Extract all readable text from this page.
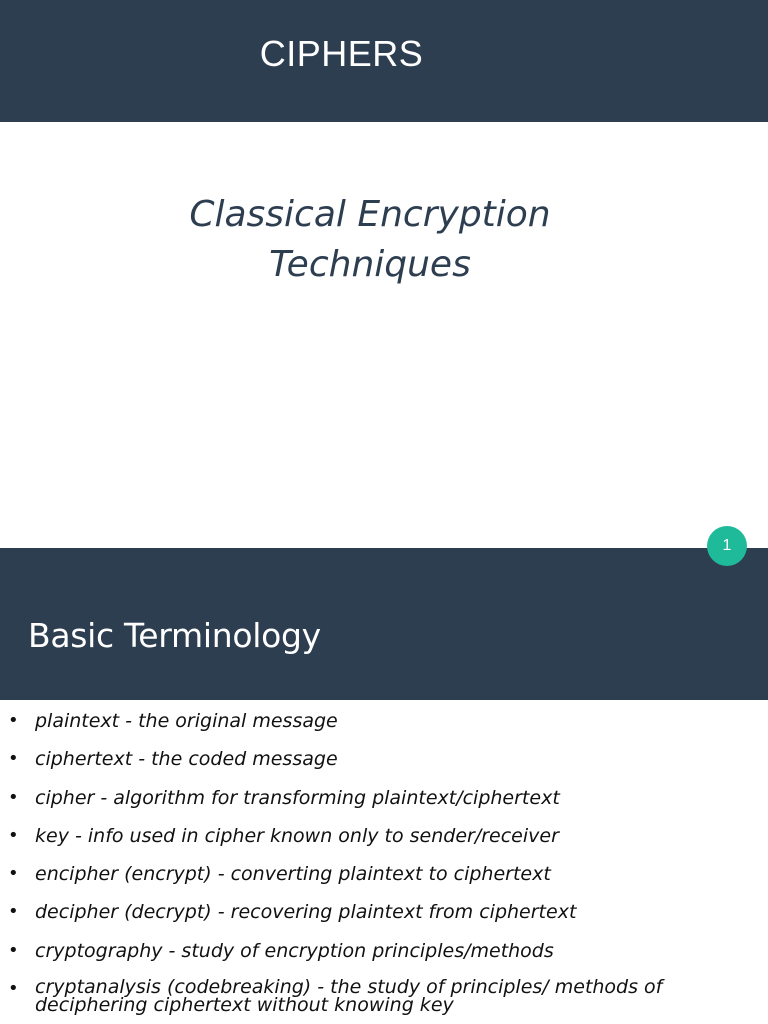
CIPHERS
Classical Encryption
Techniques
Basic Terminology
1
• plaintext - the original message
• ciphertext - the coded message
• cipher - algorithm for transforming plaintext/ciphertext
• key - info used in cipher known only to sender/receiver
• encipher (encrypt) - converting plaintext to ciphertext
• decipher (decrypt) - recovering plaintext from ciphertext
• cryptography - study of encryption principles/methods
• cryptanalysis (codebreaking) - the study of principles/ methods of
deciphering ciphertext without knowing key
